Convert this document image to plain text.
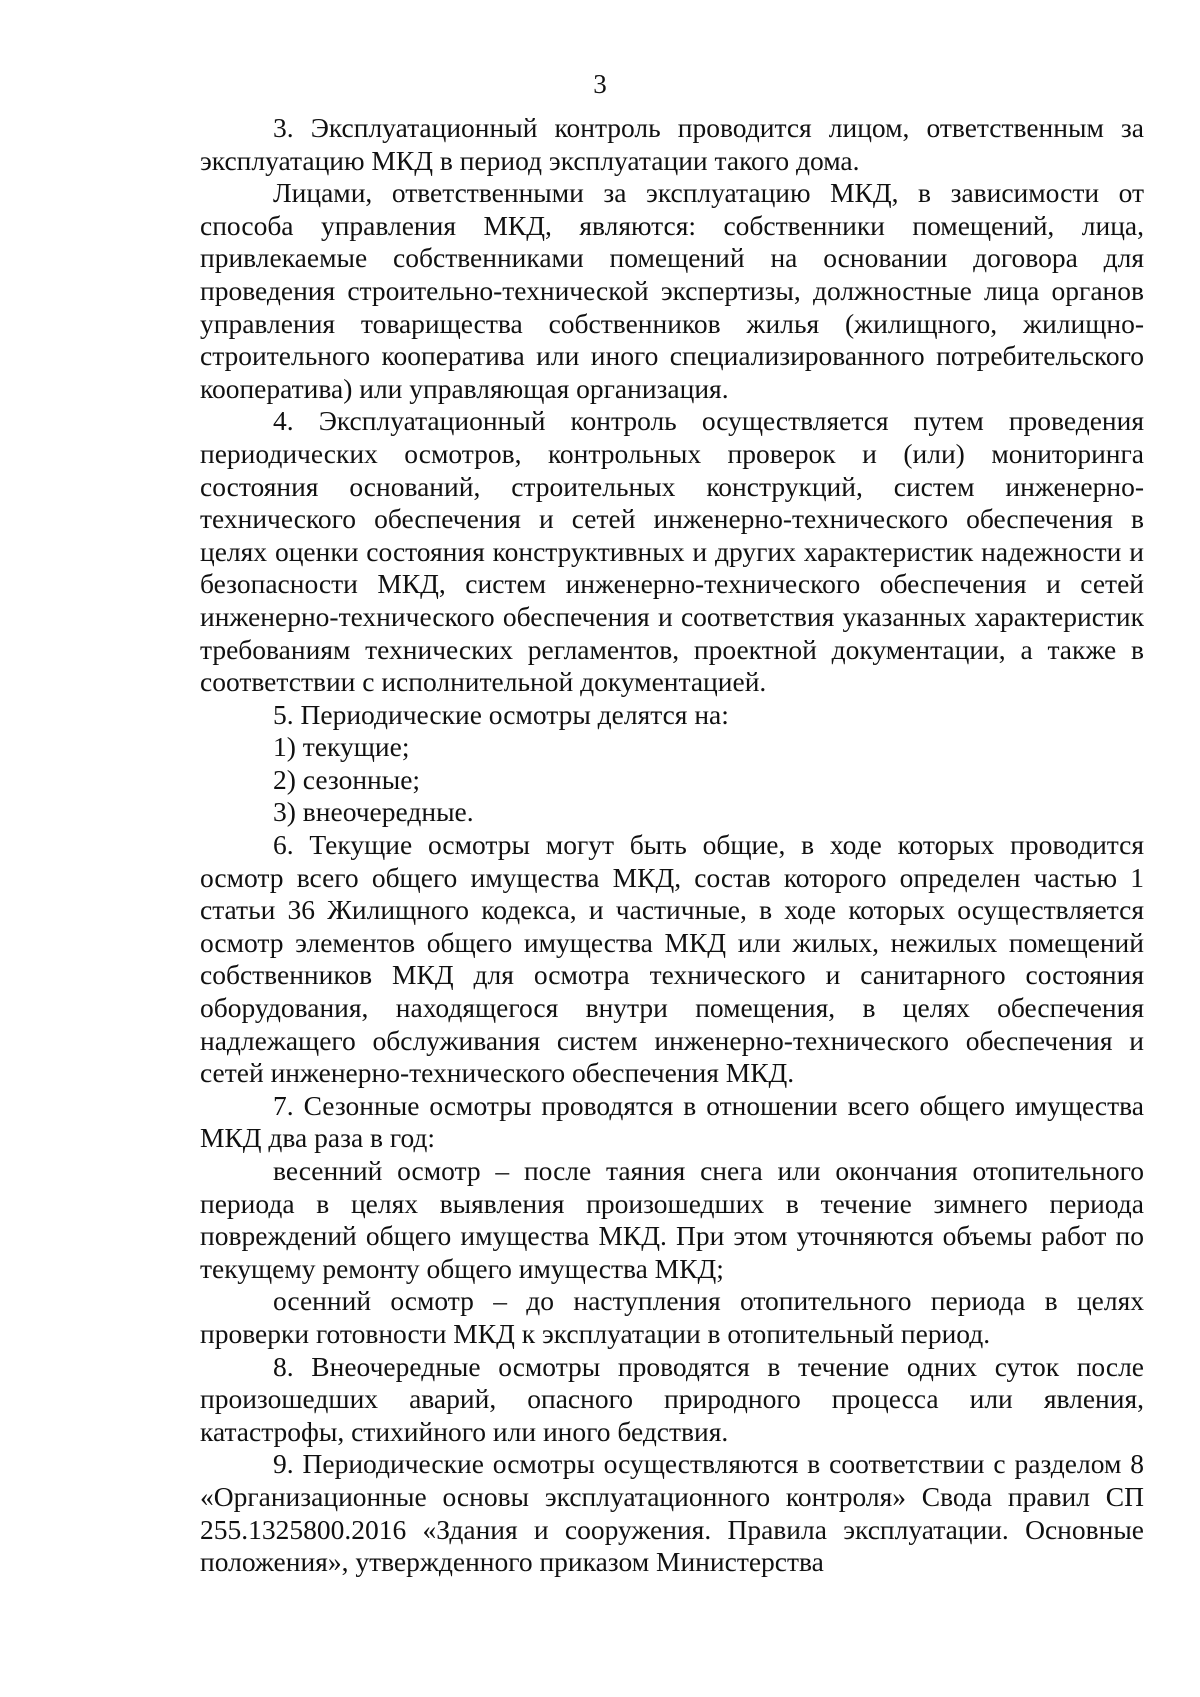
3

3. Эксплуатационный контроль проводится лицом, ответственным за эксплуатацию МКД в период эксплуатации такого дома.

Лицами, ответственными за эксплуатацию МКД, в зависимости от способа управления МКД, являются: собственники помещений, лица, привлекаемые собственниками помещений на основании договора для проведения строительно-технической экспертизы, должностные лица органов управления товарищества собственников жилья (жилищного, жилищно-строительного кооператива или иного специализированного потребительского кооператива) или управляющая организация.

4. Эксплуатационный контроль осуществляется путем проведения периодических осмотров, контрольных проверок и (или) мониторинга состояния оснований, строительных конструкций, систем инженерно-технического обеспечения и сетей инженерно-технического обеспечения в целях оценки состояния конструктивных и других характеристик надежности и безопасности МКД, систем инженерно-технического обеспечения и сетей инженерно-технического обеспечения и соответствия указанных характеристик требованиям технических регламентов, проектной документации, а также в соответствии с исполнительной документацией.

5. Периодические осмотры делятся на:

1) текущие;

2) сезонные;

3) внеочередные.

6. Текущие осмотры могут быть общие, в ходе которых проводится осмотр всего общего имущества МКД, состав которого определен частью 1 статьи 36 Жилищного кодекса, и частичные, в ходе которых осуществляется осмотр элементов общего имущества МКД или жилых, нежилых помещений собственников МКД для осмотра технического и санитарного состояния оборудования, находящегося внутри помещения, в целях обеспечения надлежащего обслуживания систем инженерно-технического обеспечения и сетей инженерно-технического обеспечения МКД.

7. Сезонные осмотры проводятся в отношении всего общего имущества МКД два раза в год:

весенний осмотр – после таяния снега или окончания отопительного периода в целях выявления произошедших в течение зимнего периода повреждений общего имущества МКД. При этом уточняются объемы работ по текущему ремонту общего имущества МКД;

осенний осмотр – до наступления отопительного периода в целях проверки готовности МКД к эксплуатации в отопительный период.

8. Внеочередные осмотры проводятся в течение одних суток после произошедших аварий, опасного природного процесса или явления, катастрофы, стихийного или иного бедствия.

9. Периодические осмотры осуществляются в соответствии с разделом 8 «Организационные основы эксплуатационного контроля» Свода правил СП 255.1325800.2016 «Здания и сооружения. Правила эксплуатации. Основные положения», утвержденного приказом Министерства
